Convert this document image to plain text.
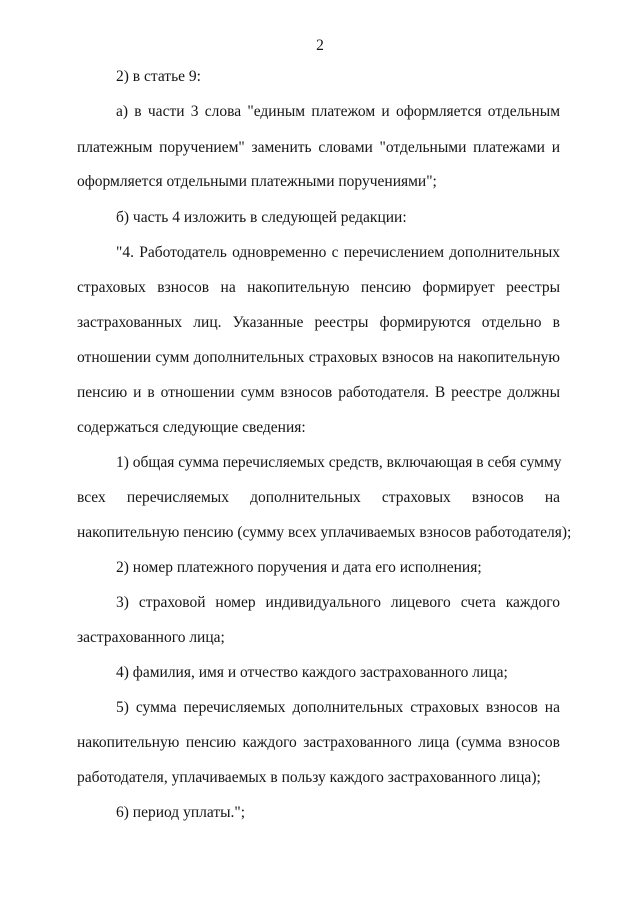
2
2) в статье 9:
а) в части 3 слова "единым платежом и оформляется отдельным
платежным поручением" заменить словами "отдельными платежами и
оформляется отдельными платежными поручениями";
б) часть 4 изложить в следующей редакции:
"4. Работодатель одновременно с перечислением дополнительных
страховых взносов на накопительную пенсию формирует реестры
застрахованных лиц. Указанные реестры формируются отдельно в
отношении сумм дополнительных страховых взносов на накопительную
пенсию и в отношении сумм взносов работодателя. В реестре должны
содержаться следующие сведения:
1) общая сумма перечисляемых средств, включающая в себя сумму
всех перечисляемых дополнительных страховых взносов на
накопительную пенсию (сумму всех уплачиваемых взносов работодателя);
2) номер платежного поручения и дата его исполнения;
3) страховой номер индивидуального лицевого счета каждого
застрахованного лица;
4) фамилия, имя и отчество каждого застрахованного лица;
5) сумма перечисляемых дополнительных страховых взносов на
накопительную пенсию каждого застрахованного лица (сумма взносов
работодателя, уплачиваемых в пользу каждого застрахованного лица);
6) период уплаты.";
